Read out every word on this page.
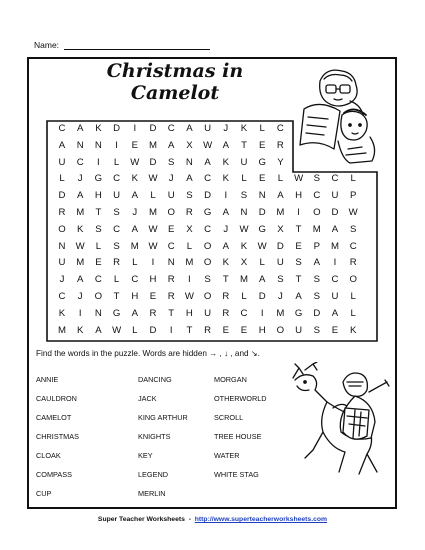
Name:
Christmas in
Camelot
C	A	K	D	I	D	C	A	U	J	K	L	C
A	N	N	I	E	M	A	X	W	A	T	E	R
U	C	I	L	W	D	S	N	A	K	U	G	Y
L	J	G	C	K	W	J	A	C	K	L	E	L	W	S	C	L
D	A	H	U	A	L	U	S	D	I	S	N	A	H	C	U	P
R	M	T	S	J	M	O	R	G	A	N	D	M	I	O	D	W
O	K	S	C	A	W	E	X	C	J	W	G	X	T	M	A	S
N	W	L	S	M	W	C	L	O	A	K	W	D	E	P	M	C
U	M	E	R	L	I	N	M	O	K	X	L	U	S	A	I	R
J	A	C	L	C	H	R	I	S	T	M	A	S	T	S	C	O
C	J	O	T	H	E	R	W	O	R	L	D	J	A	S	U	L
K	I	N	G	A	R	T	H	U	R	C	I	M	G	D	A	L
M	K	A	W	L	D	I	T	R	E	E	H	O	U	S	E	K
Find the words in the puzzle. Words are hidden → , ↓ , and ↘.
ANNIE
CAULDRON
CAMELOT
CHRISTMAS
CLOAK
COMPASS
CUP
DANCING
JACK
KING ARTHUR
KNIGHTS
KEY
LEGEND
MERLIN
MORGAN
OTHERWORLD
SCROLL
TREE HOUSE
WATER
WHITE STAG
Super Teacher Worksheets - http://www.superteacherworksheets.com
